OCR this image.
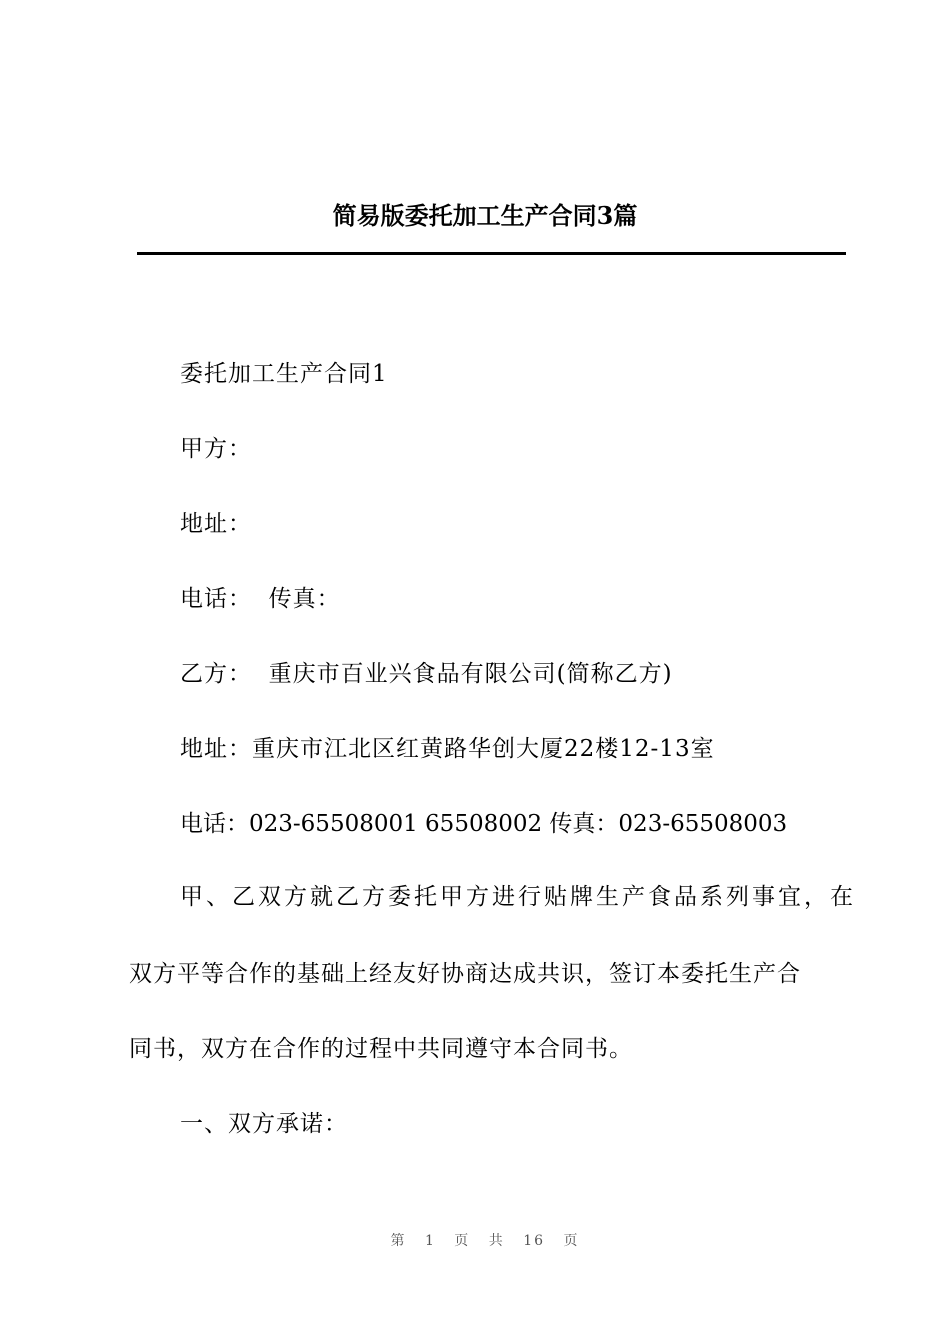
简易版委托加工生产合同3篇
委托加工生产合同1
甲方：
地址：
电话：  传真：
乙方：  重庆市百业兴食品有限公司(简称乙方)
地址：重庆市江北区红黄路华创大厦22楼12-13室
电话：023-65508001 65508002 传真：023-65508003
甲、乙双方就乙方委托甲方进行贴牌生产食品系列事宜，在
双方平等合作的基础上经友好协商达成共识，签订本委托生产合
同书，双方在合作的过程中共同遵守本合同书。
一、双方承诺：
第 1 页 共 16 页
